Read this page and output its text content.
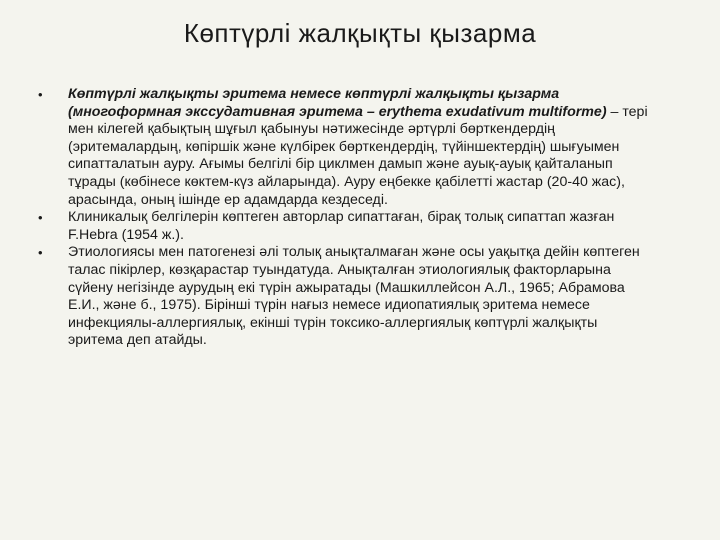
Көптүрлі жалқықты қызарма
•	Көптүрлі жалқықты эритема немесе көптүрлі жалқықты қызарма (многоформная экссудативная эритема – erythema exudativum multiforme) – тері мен кілегей қабықтың шұғыл қабынуы нәтижесінде әртүрлі бөрткендердің (эритемалардың, көпіршік және күлбірек бөрткендердің, түйіншектердің) шығуымен сипатталатын ауру. Ағымы белгілі бір циклмен дамып және ауық-ауық қайталанып тұрады (көбінесе көктем-күз айларында). Ауру еңбекке қабілетті жастар (20-40 жас), арасында, оның ішінде ер адамдарда кездеседі.
•	Клиникалық белгілерін көптеген авторлар сипаттаған, бірақ толық сипаттап жазған F.Hebra (1954 ж.).
•	Этиологиясы мен патогенезі әлі толық анықталмаған және осы уақытқа дейін көптеген талас пікірлер, көзқарастар туындатуда. Анықталған этиологиялық факторларына сүйену негізінде аурудың екі түрін ажыратады (Машкиллейсон А.Л., 1965; Абрамова Е.И., және б., 1975). Бірінші түрін нағыз немесе идиопатиялық эритема немесе инфекциялы-аллергиялық, екінші түрін токсико-аллергиялық көптүрлі жалқықты эритема деп атайды.
